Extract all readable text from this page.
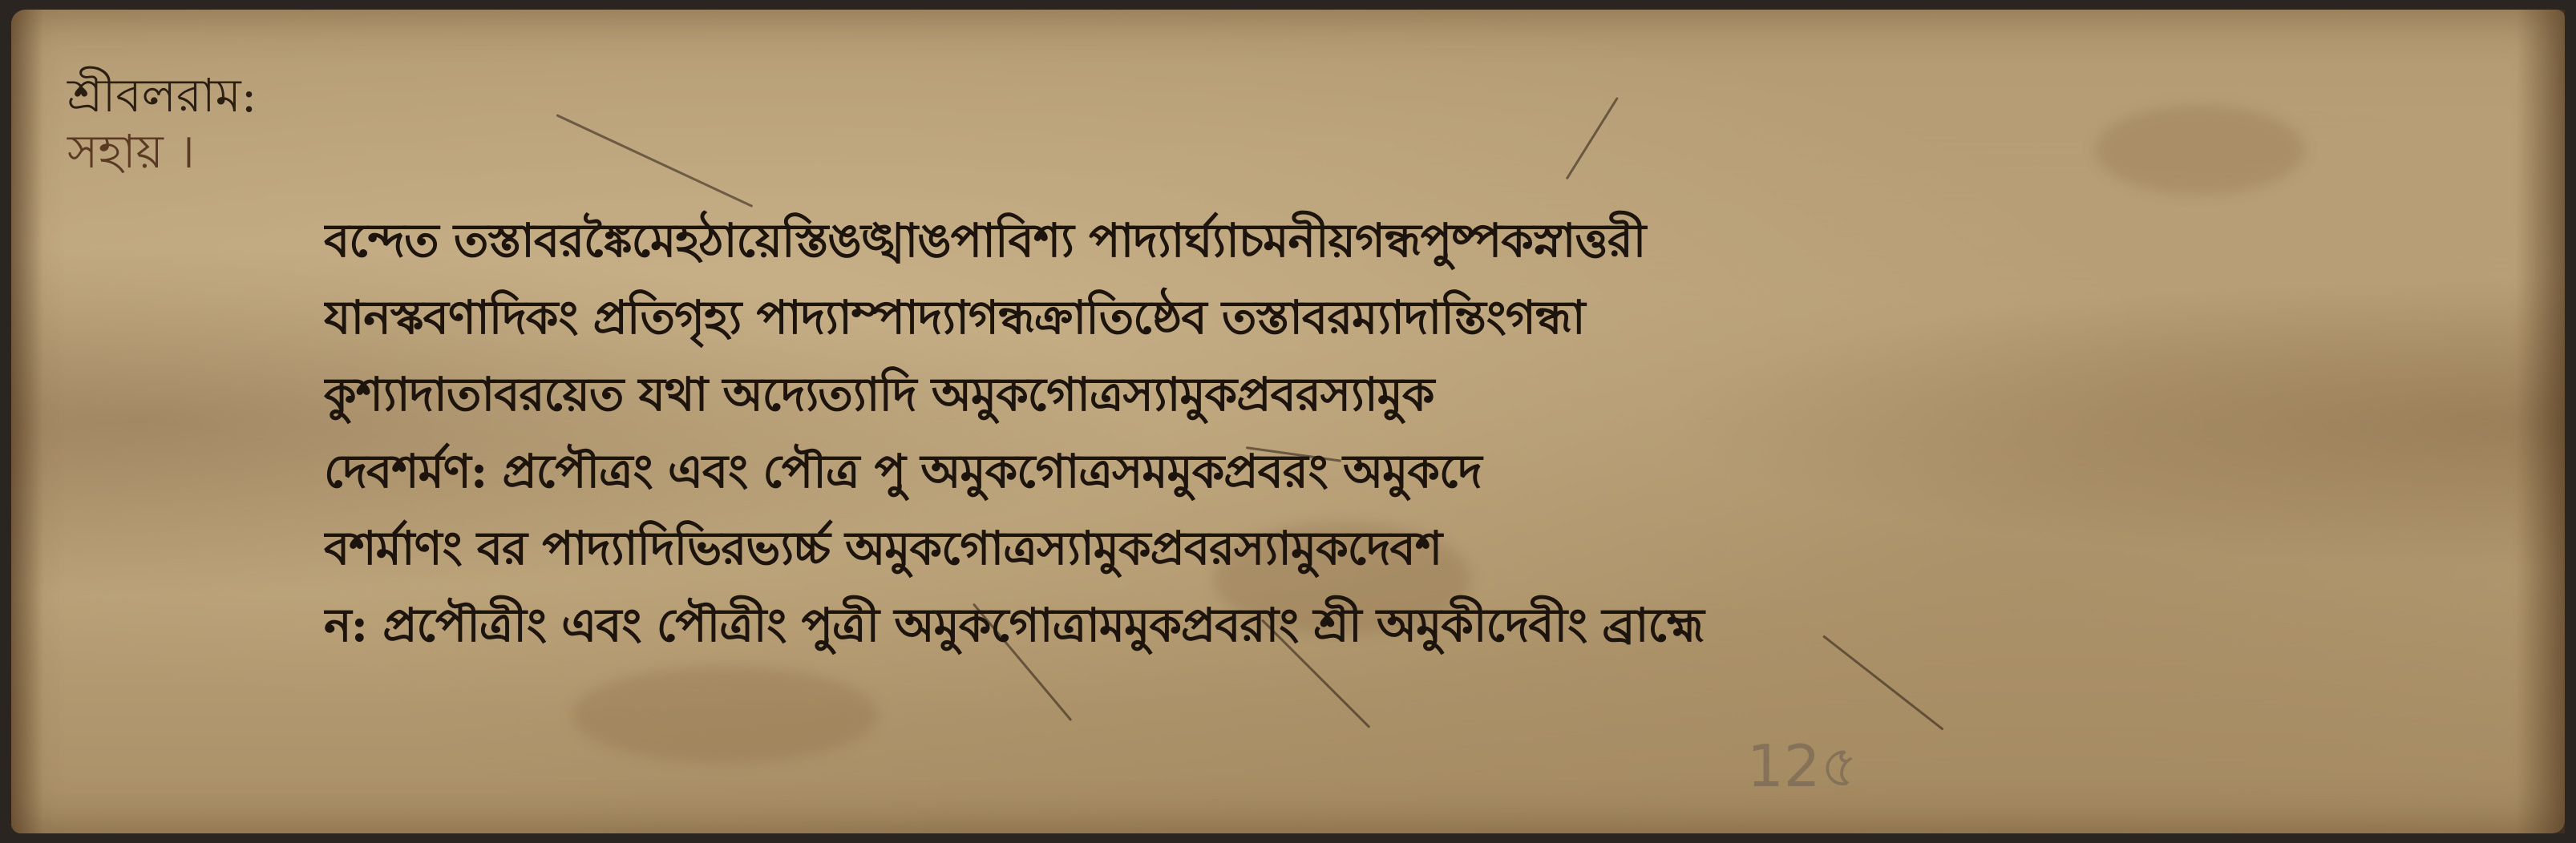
শ্রীবলরাম:
সহায় ।
বন্দেত তস্তাবরঙ্কৈমেহঠায়েস্তিঙঙ্খাঙপাবিশ্য পাদ্যার্ঘ্যাচমনীয়গন্ধপুষ্পকস্নাত্তরী
যানস্কবণাদিকং প্রতিগৃহ্য পাদ্যাম্পাদ্যাগন্ধক্রাতিষ্ঠেব তস্তাবরম্যাদান্তিংগন্ধা
কুশ্যাদাতাবরয়েত যথা অদ্যেত্যাদি অমুকগোত্রস্যামুকপ্রবরস্যামুক
দেবশর্মণ: প্রপৌত্রং এবং পৌত্র পু অমুকগোত্রসমমুকপ্রবরং অমুকদে
বশর্মাণং বর পাদ্যাদিভিরভ্যর্চ্চ অমুকগোত্রস্যামুকপ্রবরস্যামুকদেবশ
ন: প্রপৌত্রীং এবং পৌত্রীং পুত্রী অমুকগোত্রামমুকপ্রবরাং শ্রী অমুকীদেবীং ব্রাহ্মে
12৫
